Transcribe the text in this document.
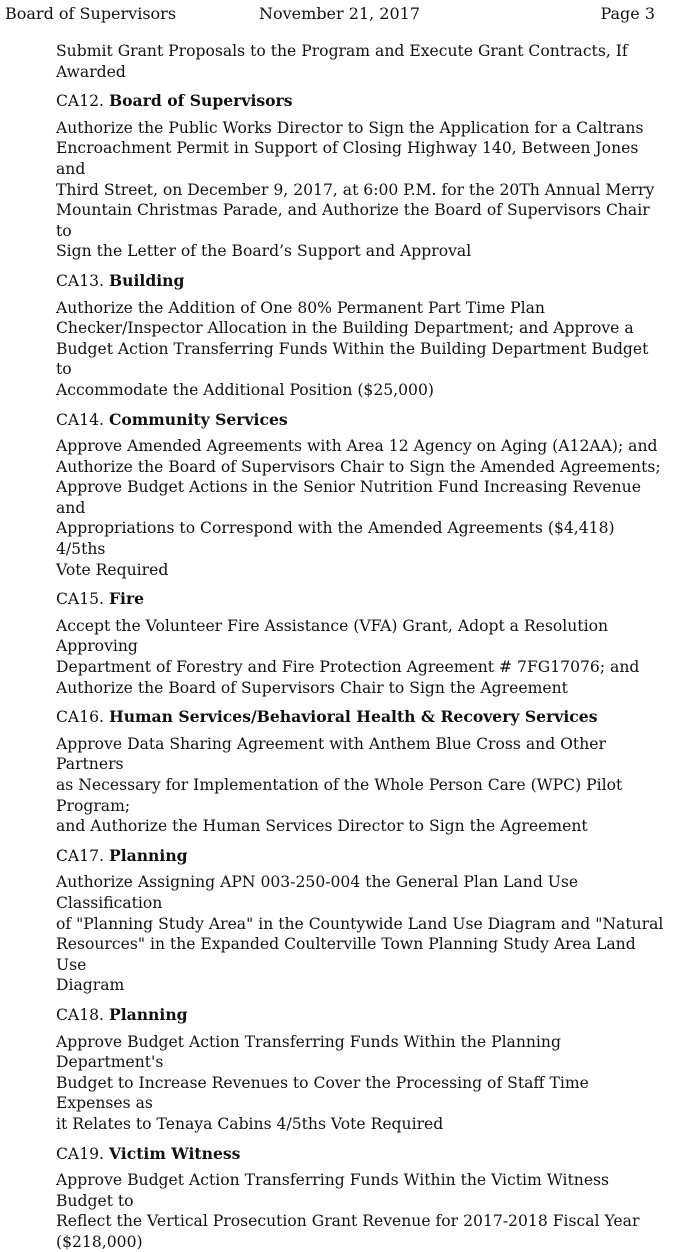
Board of Supervisors	November 21, 2017	Page 3

Submit Grant Proposals to the Program and Execute Grant Contracts, If Awarded

CA12. Board of Supervisors

Authorize the Public Works Director to Sign the Application for a Caltrans
Encroachment Permit in Support of Closing Highway 140, Between Jones and
Third Street, on December 9, 2017, at 6:00 P.M. for the 20Th Annual Merry
Mountain Christmas Parade, and Authorize the Board of Supervisors Chair to
Sign the Letter of the Board’s Support and Approval

CA13. Building

Authorize the Addition of One 80% Permanent Part Time Plan
Checker/Inspector Allocation in the Building Department; and Approve a
Budget Action Transferring Funds Within the Building Department Budget to
Accommodate the Additional Position ($25,000)

CA14. Community Services

Approve Amended Agreements with Area 12 Agency on Aging (A12AA); and
Authorize the Board of Supervisors Chair to Sign the Amended Agreements;
Approve Budget Actions in the Senior Nutrition Fund Increasing Revenue and
Appropriations to Correspond with the Amended Agreements ($4,418) 4/5ths
Vote Required

CA15. Fire

Accept the Volunteer Fire Assistance (VFA) Grant, Adopt a Resolution Approving
Department of Forestry and Fire Protection Agreement # 7FG17076; and
Authorize the Board of Supervisors Chair to Sign the Agreement

CA16. Human Services/Behavioral Health & Recovery Services

Approve Data Sharing Agreement with Anthem Blue Cross and Other Partners
as Necessary for Implementation of the Whole Person Care (WPC) Pilot Program;
and Authorize the Human Services Director to Sign the Agreement

CA17. Planning

Authorize Assigning APN 003-250-004 the General Plan Land Use Classification
of "Planning Study Area" in the Countywide Land Use Diagram and "Natural
Resources" in the Expanded Coulterville Town Planning Study Area Land Use
Diagram

CA18. Planning

Approve Budget Action Transferring Funds Within the Planning Department's
Budget to Increase Revenues to Cover the Processing of Staff Time Expenses as
it Relates to Tenaya Cabins 4/5ths Vote Required

CA19. Victim Witness

Approve Budget Action Transferring Funds Within the Victim Witness Budget to
Reflect the Vertical Prosecution Grant Revenue for 2017-2018 Fiscal Year
($218,000)
